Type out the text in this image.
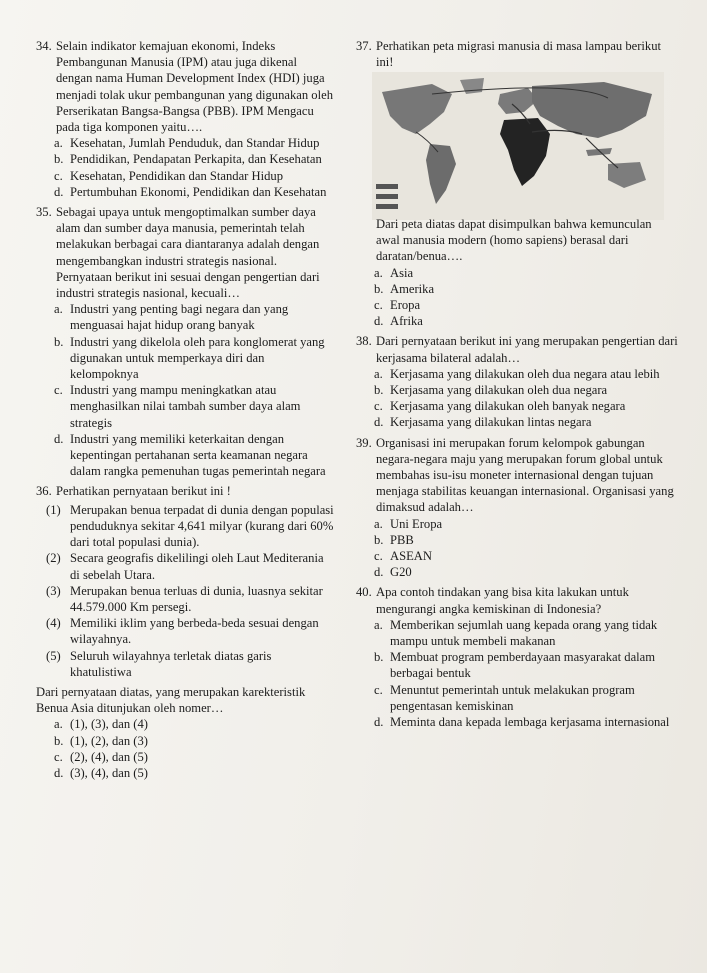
34. Selain indikator kemajuan ekonomi, Indeks Pembangunan Manusia (IPM) atau juga dikenal dengan nama Human Development Index (HDI) juga menjadi tolak ukur pembangunan yang digunakan oleh Perserikatan Bangsa-Bangsa (PBB). IPM Mengacu pada tiga komponen yaitu….
a. Kesehatan, Jumlah Penduduk, dan Standar Hidup
b. Pendidikan, Pendapatan Perkapita, dan Kesehatan
c. Kesehatan, Pendidikan dan Standar Hidup
d. Pertumbuhan Ekonomi, Pendidikan dan Kesehatan
35. Sebagai upaya untuk mengoptimalkan sumber daya alam dan sumber daya manusia, pemerintah telah melakukan berbagai cara diantaranya adalah dengan mengembangkan industri strategis nasional. Pernyataan berikut ini sesuai dengan pengertian dari industri strategis nasional, kecuali…
a. Industri yang penting bagi negara dan yang menguasai hajat hidup orang banyak
b. Industri yang dikelola oleh para konglomerat yang digunakan untuk memperkaya diri dan kelompoknya
c. Industri yang mampu meningkatkan atau menghasilkan nilai tambah sumber daya alam strategis
d. Industri yang memiliki keterkaitan dengan kepentingan pertahanan serta keamanan negara dalam rangka pemenuhan tugas pemerintah negara
36. Perhatikan pernyataan berikut ini !
(1) Merupakan benua terpadat di dunia dengan populasi penduduknya sekitar 4,641 milyar (kurang dari 60% dari total populasi dunia).
(2) Secara geografis dikelilingi oleh Laut Mediterania di sebelah Utara.
(3) Merupakan benua terluas di dunia, luasnya sekitar 44.579.000 Km persegi.
(4) Memiliki iklim yang berbeda-beda sesuai dengan wilayahnya.
(5) Seluruh wilayahnya terletak diatas garis khatulistiwa
Dari pernyataan diatas, yang merupakan karekteristik Benua Asia ditunjukan oleh nomer…
a. (1), (3), dan (4)
b. (1), (2), dan (3)
c. (2), (4), dan (5)
d. (3), (4), dan (5)
37. Perhatikan peta migrasi manusia di masa lampau berikut ini!
Dari peta diatas dapat disimpulkan bahwa kemunculan awal manusia modern (homo sapiens) berasal dari daratan/benua….
a. Asia
b. Amerika
c. Eropa
d. Afrika
38. Dari pernyataan berikut ini yang merupakan pengertian dari kerjasama bilateral adalah…
a. Kerjasama yang dilakukan oleh dua negara atau lebih
b. Kerjasama yang dilakukan oleh dua negara
c. Kerjasama yang dilakukan oleh banyak negara
d. Kerjasama yang dilakukan lintas negara
39. Organisasi ini merupakan forum kelompok gabungan negara-negara maju yang merupakan forum global untuk membahas isu-isu moneter internasional dengan tujuan menjaga stabilitas keuangan internasional. Organisasi yang dimaksud adalah…
a. Uni Eropa
b. PBB
c. ASEAN
d. G20
40. Apa contoh tindakan yang bisa kita lakukan untuk mengurangi angka kemiskinan di Indonesia?
a. Memberikan sejumlah uang kepada orang yang tidak mampu untuk membeli makanan
b. Membuat program pemberdayaan masyarakat dalam berbagai bentuk
c. Menuntut pemerintah untuk melakukan program pengentasan kemiskinan
d. Meminta dana kepada lembaga kerjasama internasional
